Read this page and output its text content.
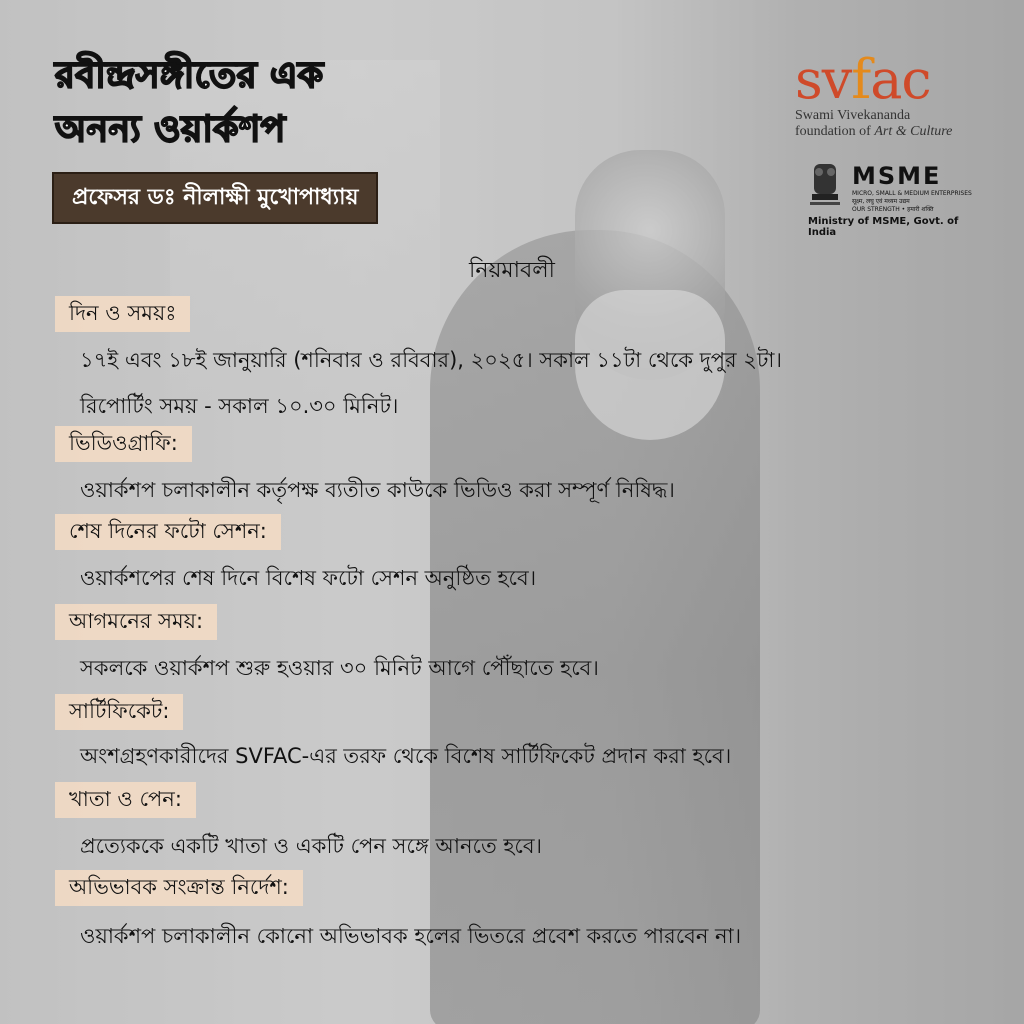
রবীন্দ্রসঙ্গীতের এক
অনন্য ওয়ার্কশপ
প্রফেসর ডঃ নীলাক্ষী মুখোপাধ্যায়
svfac
Swami Vivekananda
foundation of Art & Culture
MSME
MICRO, SMALL & MEDIUM ENTERPRISES
सूक्ष्म, लघु एवं मध्यम उद्यम
OUR STRENGTH • हमारी शक्ति
Ministry of MSME, Govt. of India
নিয়মাবলী
দিন ও সময়ঃ
১৭ই এবং ১৮ই জানুয়ারি (শনিবার ও রবিবার), ২০২৫। সকাল ১১টা থেকে দুপুর ২টা।
রিপোর্টিং সময় - সকাল ১০.৩০ মিনিট।
ভিডিওগ্রাফি:
ওয়ার্কশপ চলাকালীন কর্তৃপক্ষ ব্যতীত কাউকে ভিডিও করা সম্পূর্ণ নিষিদ্ধ।
শেষ দিনের ফটো সেশন:
ওয়ার্কশপের শেষ দিনে বিশেষ ফটো সেশন অনুষ্ঠিত হবে।
আগমনের সময়:
সকলকে ওয়ার্কশপ শুরু হওয়ার ৩০ মিনিট আগে পৌঁছাতে হবে।
সার্টিফিকেট:
অংশগ্রহণকারীদের SVFAC-এর তরফ থেকে বিশেষ সার্টিফিকেট প্রদান করা হবে।
খাতা ও পেন:
প্রত্যেককে একটি খাতা ও একটি পেন সঙ্গে আনতে হবে।
অভিভাবক সংক্রান্ত নির্দেশ:
ওয়ার্কশপ চলাকালীন কোনো অভিভাবক হলের ভিতরে প্রবেশ করতে পারবেন না।
